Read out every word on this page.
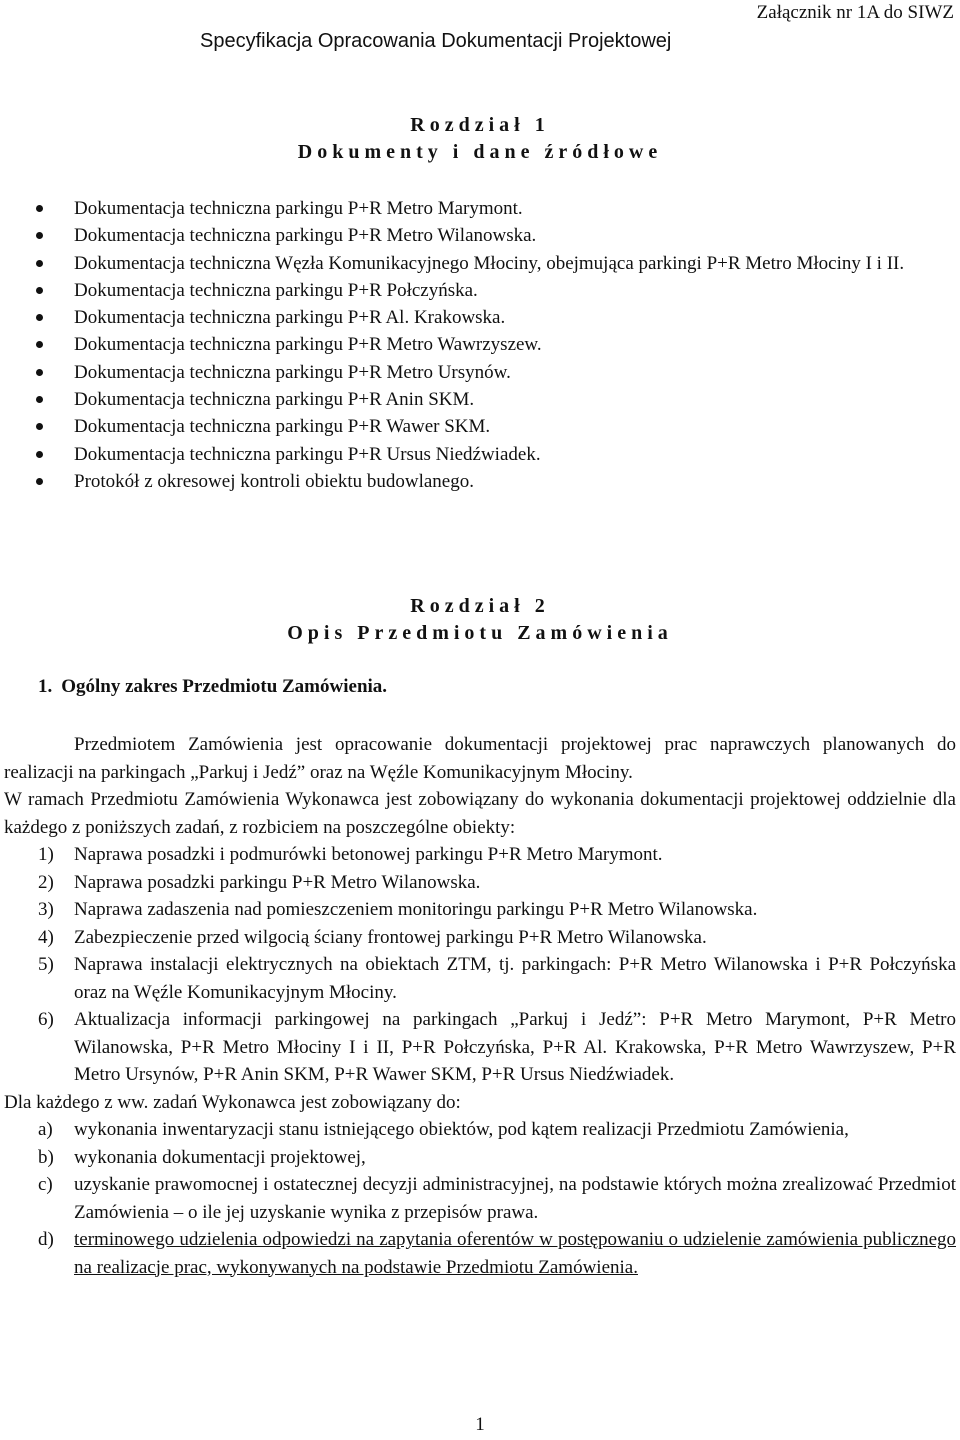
Załącznik nr 1A do SIWZ
Specyfikacja Opracowania Dokumentacji Projektowej
Rozdział 1
Dokumenty i dane źródłowe
Dokumentacja techniczna parkingu P+R Metro Marymont.
Dokumentacja techniczna parkingu P+R Metro Wilanowska.
Dokumentacja techniczna Węzła Komunikacyjnego Młociny, obejmująca parkingi P+R Metro Młociny I i II.
Dokumentacja techniczna parkingu P+R Połczyńska.
Dokumentacja techniczna parkingu P+R Al. Krakowska.
Dokumentacja techniczna parkingu P+R Metro Wawrzyszew.
Dokumentacja techniczna parkingu P+R Metro Ursynów.
Dokumentacja techniczna parkingu P+R Anin SKM.
Dokumentacja techniczna parkingu P+R Wawer SKM.
Dokumentacja techniczna parkingu P+R Ursus Niedźwiadek.
Protokół z okresowej kontroli obiektu budowlanego.
Rozdział 2
Opis Przedmiotu Zamówienia
1. Ogólny zakres Przedmiotu Zamówienia.

Przedmiotem Zamówienia jest opracowanie dokumentacji projektowej prac naprawczych planowanych do realizacji na parkingach „Parkuj i Jedź” oraz na Węźle Komunikacyjnym Młociny.

W ramach Przedmiotu Zamówienia Wykonawca jest zobowiązany do wykonania dokumentacji projektowej oddzielnie dla każdego z poniższych zadań, z rozbiciem na poszczególne obiekty:

1) Naprawa posadzki i podmurówki betonowej parkingu P+R Metro Marymont.
2) Naprawa posadzki parkingu P+R Metro Wilanowska.
3) Naprawa zadaszenia nad pomieszczeniem monitoringu parkingu P+R Metro Wilanowska.
4) Zabezpieczenie przed wilgocią ściany frontowej parkingu P+R Metro Wilanowska.
5) Naprawa instalacji elektrycznych na obiektach ZTM, tj. parkingach: P+R Metro Wilanowska i P+R Połczyńska oraz na Węźle Komunikacyjnym Młociny.
6) Aktualizacja informacji parkingowej na parkingach „Parkuj i Jedź”: P+R Metro Marymont, P+R Metro Wilanowska, P+R Metro Młociny I i II, P+R Połczyńska, P+R Al. Krakowska, P+R Metro Wawrzyszew, P+R Metro Ursynów, P+R Anin SKM, P+R Wawer SKM, P+R Ursus Niedźwiadek.

Dla każdego z ww. zadań Wykonawca jest zobowiązany do:

a) wykonania inwentaryzacji stanu istniejącego obiektów, pod kątem realizacji Przedmiotu Zamówienia,
b) wykonania dokumentacji projektowej,
c) uzyskanie prawomocnej i ostatecznej decyzji administracyjnej, na podstawie których można zrealizować Przedmiot Zamówienia – o ile jej uzyskanie wynika z przepisów prawa.
d) terminowego udzielenia odpowiedzi na zapytania oferentów w postępowaniu o udzielenie zamówienia publicznego na realizacje prac, wykonywanych na podstawie Przedmiotu Zamówienia.
1
